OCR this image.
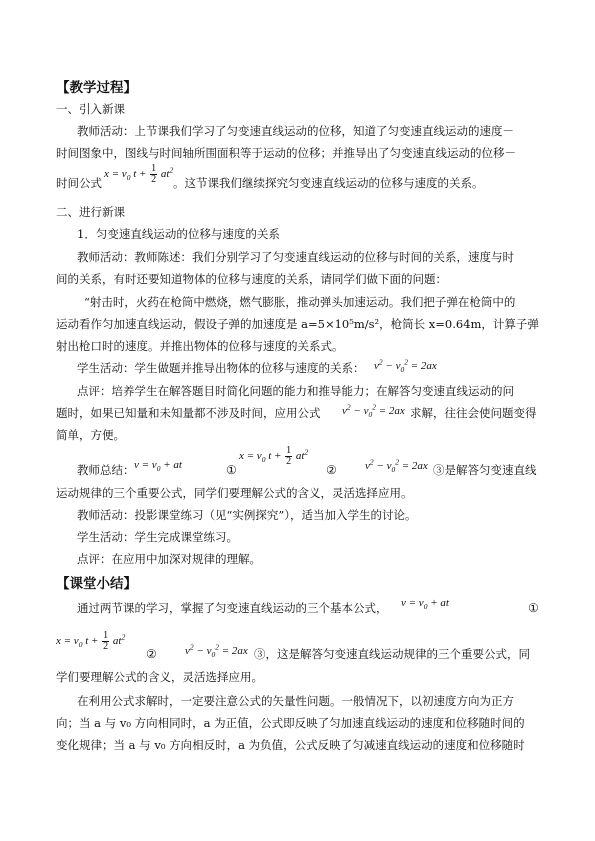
【教学过程】
一、引入新课
教师活动：上节课我们学习了匀变速直线运动的位移，知道了匀变速直线运动的速度－
时间图象中，图线与时间轴所围面积等于运动的位移；并推导出了匀变速直线运动的位移－
时间公式
$x = v_0$ $t + \frac{1}{2} at^2$
。这节课我们继续探究匀变速直线运动的位移与速度的关系。
二、进行新课
1．匀变速直线运动的位移与速度的关系
教师活动：教师陈述：我们分别学习了匀变速直线运动的位移与时间的关系，速度与时
间的关系，有时还要知道物体的位移与速度的关系，请同学们做下面的问题：
“射击时，火药在枪筒中燃烧，燃气膨胀，推动弹头加速运动。我们把子弹在枪筒中的
运动看作匀加速直线运动，假设子弹的加速度是 a=5×10⁵m/s²，枪筒长 x=0.64m，计算子弹
射出枪口时的速度。并推出物体的位移与速度的关系式。
学生活动：学生做题并推导出物体的位移与速度的关系： $v^2 - v_0^2 = 2ax$
点评：培养学生在解答题目时简化问题的能力和推导能力；在解答匀变速直线运动的问
题时，如果已知量和未知量都不涉及时间，应用公式 $v^2 - v_0^2 = 2ax$ 求解，往往会使问题变得
简单，方便。
教师总结： $v = v_0$ + at	①
$x = v_0$ $t + \frac{1}{2} at^2$
②	$v^2 - v_0^2 = 2ax$ ③是解答匀变速直线
运动规律的三个重要公式，同学们要理解公式的含义，灵活选择应用。
教师活动：投影课堂练习（见“实例探究”），适当加入学生的讨论。
学生活动：学生完成课堂练习。
点评：在应用中加深对规律的理解。
【课堂小结】
通过两节课的学习，掌握了匀变速直线运动的三个基本公式， $v = v_0$ + at	①
$x = v_0$ $t + \frac{1}{2} at^2$
②	$v^2 - v_0^2 = 2ax$ ③，这是解答匀变速直线运动规律的三个重要公式，同
学们要理解公式的含义，灵活选择应用。
在利用公式求解时，一定要注意公式的矢量性问题。一般情况下，以初速度方向为正方
向；当 a 与 v₀ 方向相同时，a 为正值，公式即反映了匀加速直线运动的速度和位移随时间的
变化规律；当 a 与 v₀ 方向相反时，a 为负值，公式反映了匀减速直线运动的速度和位移随时
